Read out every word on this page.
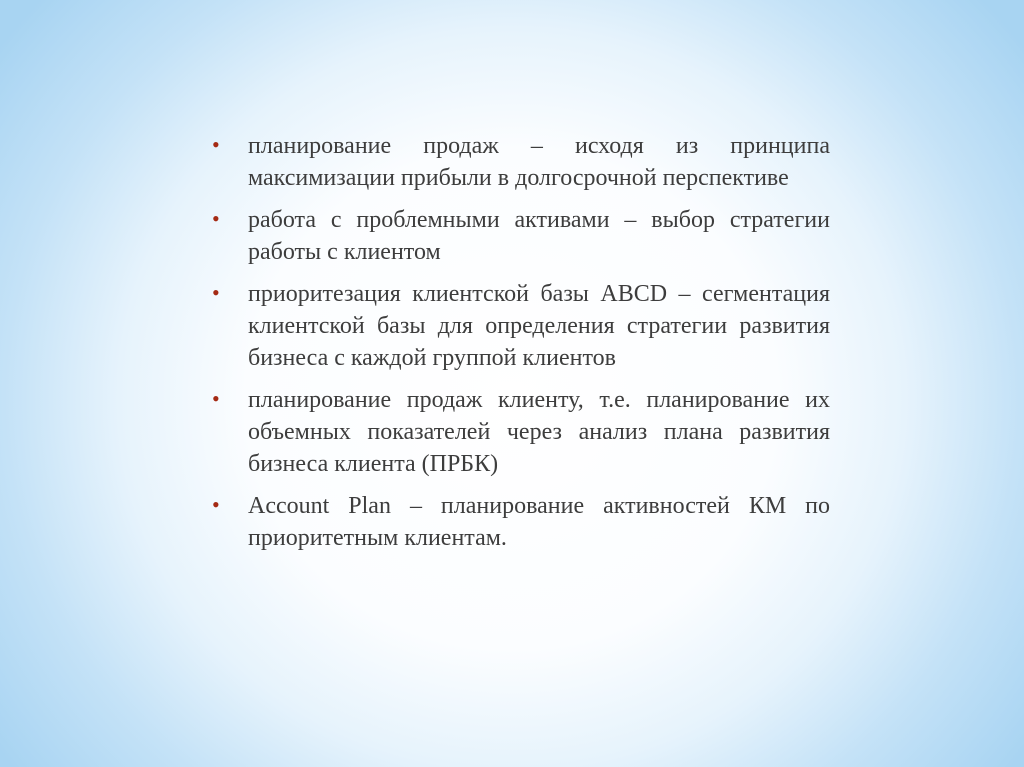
• планирование продаж – исходя из принципа максимизации прибыли в долгосрочной перспективе
• работа с проблемными активами – выбор стратегии работы с клиентом
• приоритезация клиентской базы ABCD – сегментация клиентской базы для определения стратегии развития бизнеса с каждой группой клиентов
• планирование продаж клиенту, т.е. планирование их объемных показателей через анализ плана развития бизнеса клиента (ПРБК)
• Account Plan – планирование активностей КМ по приоритетным клиентам.
